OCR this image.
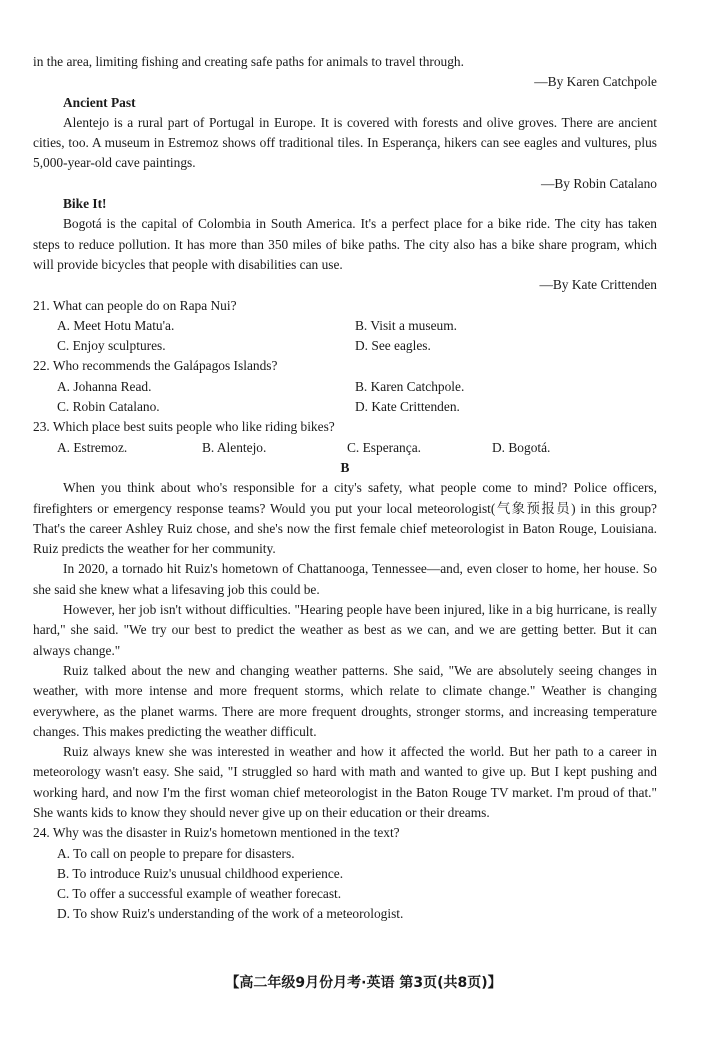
in the area, limiting fishing and creating safe paths for animals to travel through.

—By Karen Catchpole

Ancient Past

Alentejo is a rural part of Portugal in Europe. It is covered with forests and olive groves. There are ancient cities, too. A museum in Estremoz shows off traditional tiles. In Esperança, hikers can see eagles and vultures, plus 5,000-year-old cave paintings.

—By Robin Catalano

Bike It!

Bogotá is the capital of Colombia in South America. It's a perfect place for a bike ride. The city has taken steps to reduce pollution. It has more than 350 miles of bike paths. The city also has a bike share program, which will provide bicycles that people with disabilities can use.

—By Kate Crittenden

21. What can people do on Rapa Nui?

A. Meet Hotu Matu'a.	B. Visit a museum.
C. Enjoy sculptures.	D. See eagles.

22. Who recommends the Galápagos Islands?

A. Johanna Read.	B. Karen Catchpole.
C. Robin Catalano.	D. Kate Crittenden.

23. Which place best suits people who like riding bikes?

A. Estremoz.	B. Alentejo.	C. Esperança.	D. Bogotá.

B

When you think about who's responsible for a city's safety, what people come to mind? Police officers, firefighters or emergency response teams? Would you put your local meteorologist(气象预报员) in this group? That's the career Ashley Ruiz chose, and she's now the first female chief meteorologist in Baton Rouge, Louisiana. Ruiz predicts the weather for her community.

In 2020, a tornado hit Ruiz's hometown of Chattanooga, Tennessee—and, even closer to home, her house. So she said she knew what a lifesaving job this could be.

However, her job isn't without difficulties. "Hearing people have been injured, like in a big hurricane, is really hard," she said. "We try our best to predict the weather as best as we can, and we are getting better. But it can always change."

Ruiz talked about the new and changing weather patterns. She said, "We are absolutely seeing changes in weather, with more intense and more frequent storms, which relate to climate change." Weather is changing everywhere, as the planet warms. There are more frequent droughts, stronger storms, and increasing temperature changes. This makes predicting the weather difficult.

Ruiz always knew she was interested in weather and how it affected the world. But her path to a career in meteorology wasn't easy. She said, "I struggled so hard with math and wanted to give up. But I kept pushing and working hard, and now I'm the first woman chief meteorologist in the Baton Rouge TV market. I'm proud of that." She wants kids to know they should never give up on their education or their dreams.

24. Why was the disaster in Ruiz's hometown mentioned in the text?

A. To call on people to prepare for disasters.

B. To introduce Ruiz's unusual childhood experience.

C. To offer a successful example of weather forecast.

D. To show Ruiz's understanding of the work of a meteorologist.

【高二年级9月份月考·英语 第3页(共8页)】
